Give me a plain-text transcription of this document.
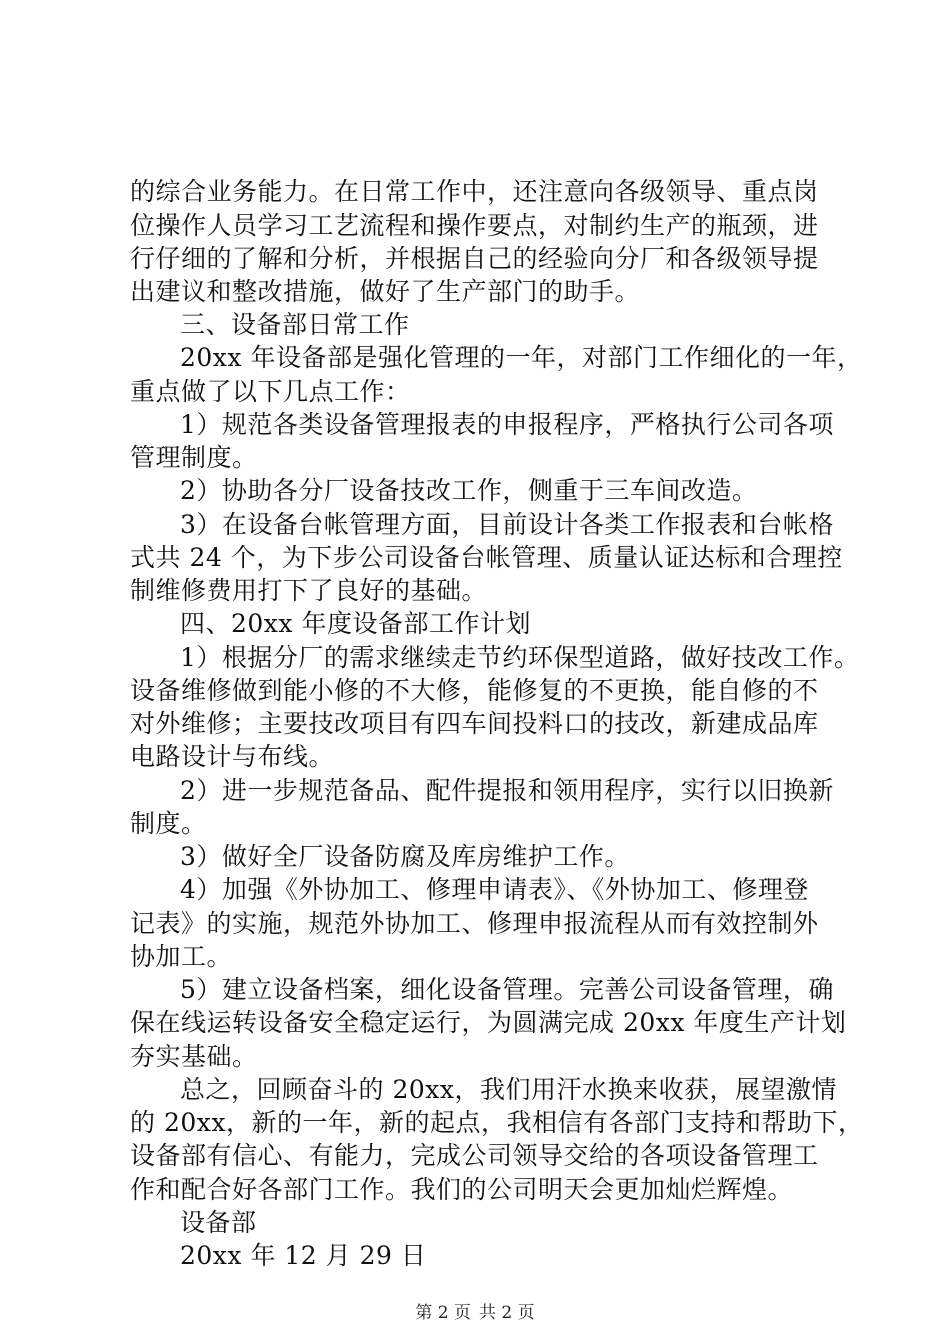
的综合业务能力。在日常工作中，还注意向各级领导、重点岗
位操作人员学习工艺流程和操作要点，对制约生产的瓶颈，进
行仔细的了解和分析，并根据自己的经验向分厂和各级领导提
出建议和整改措施，做好了生产部门的助手。
三、设备部日常工作
20xx 年设备部是强化管理的一年，对部门工作细化的一年，
重点做了以下几点工作：
1）规范各类设备管理报表的申报程序，严格执行公司各项
管理制度。
2）协助各分厂设备技改工作，侧重于三车间改造。
3）在设备台帐管理方面，目前设计各类工作报表和台帐格
式共 24 个，为下步公司设备台帐管理、质量认证达标和合理控
制维修费用打下了良好的基础。
四、20xx 年度设备部工作计划
1）根据分厂的需求继续走节约环保型道路，做好技改工作。
设备维修做到能小修的不大修，能修复的不更换，能自修的不
对外维修；主要技改项目有四车间投料口的技改，新建成品库
电路设计与布线。
2）进一步规范备品、配件提报和领用程序，实行以旧换新
制度。
3）做好全厂设备防腐及库房维护工作。
4）加强《外协加工、修理申请表》、《外协加工、修理登
记表》的实施，规范外协加工、修理申报流程从而有效控制外
协加工。
5）建立设备档案，细化设备管理。完善公司设备管理，确
保在线运转设备安全稳定运行，为圆满完成 20xx 年度生产计划
夯实基础。
总之，回顾奋斗的 20xx，我们用汗水换来收获，展望激情
的 20xx，新的一年，新的起点，我相信有各部门支持和帮助下，
设备部有信心、有能力，完成公司领导交给的各项设备管理工
作和配合好各部门工作。我们的公司明天会更加灿烂辉煌。
设备部
20xx 年 12 月 29 日
第 2 页 共 2 页
